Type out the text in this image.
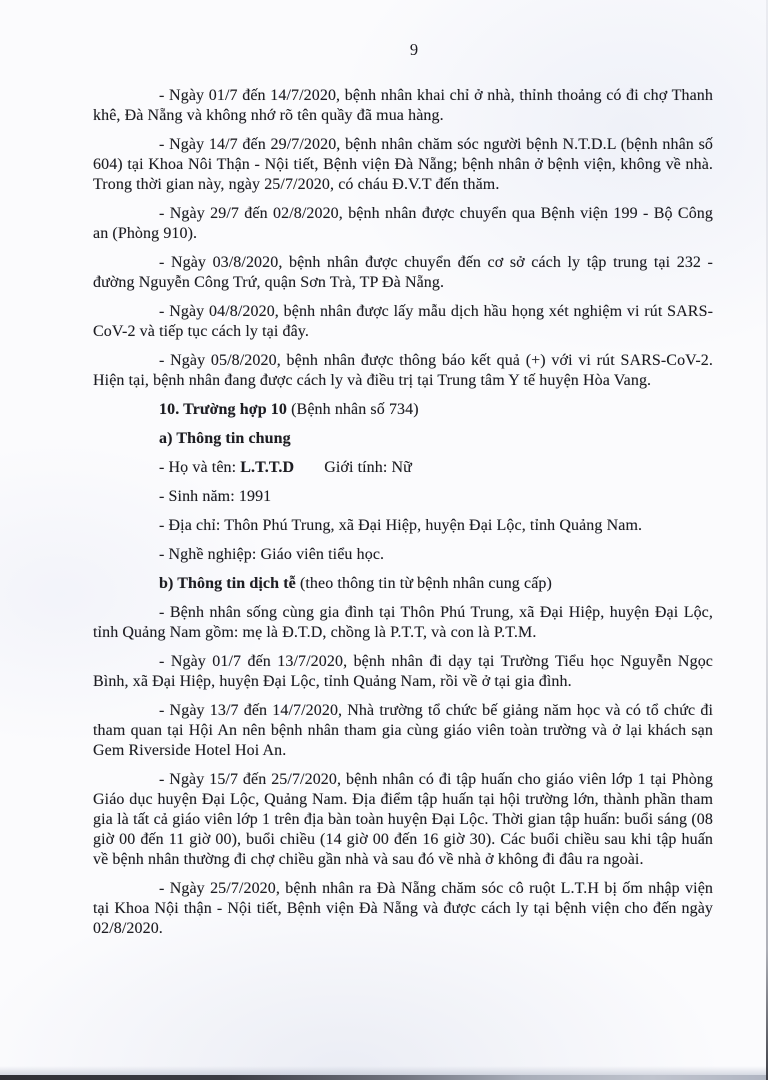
9

- Ngày 01/7 đến 14/7/2020, bệnh nhân khai chỉ ở nhà, thỉnh thoảng có đi chợ Thanh khê, Đà Nẵng và không nhớ rõ tên quầy đã mua hàng.

- Ngày 14/7 đến 29/7/2020, bệnh nhân chăm sóc người bệnh N.T.D.L (bệnh nhân số 604) tại Khoa Nôi Thận - Nội tiết, Bệnh viện Đà Nẵng; bệnh nhân ở bệnh viện, không về nhà. Trong thời gian này, ngày 25/7/2020, có cháu Đ.V.T đến thăm.

- Ngày 29/7 đến 02/8/2020, bệnh nhân được chuyển qua Bệnh viện 199 - Bộ Công an (Phòng 910).

- Ngày 03/8/2020, bệnh nhân được chuyển đến cơ sở cách ly tập trung tại 232 - đường Nguyễn Công Trứ, quận Sơn Trà, TP Đà Nẵng.

- Ngày 04/8/2020, bệnh nhân được lấy mẫu dịch hầu họng xét nghiệm vi rút SARS-CoV-2 và tiếp tục cách ly tại đây.

- Ngày 05/8/2020, bệnh nhân được thông báo kết quả (+) với vi rút SARS-CoV-2. Hiện tại, bệnh nhân đang được cách ly và điều trị tại Trung tâm Y tế huyện Hòa Vang.

10. Trường hợp 10 (Bệnh nhân số 734)

a) Thông tin chung

- Họ và tên: L.T.T.D Giới tính: Nữ

- Sinh năm: 1991

- Địa chỉ: Thôn Phú Trung, xã Đại Hiệp, huyện Đại Lộc, tỉnh Quảng Nam.

- Nghề nghiệp: Giáo viên tiểu học.

b) Thông tin dịch tễ (theo thông tin từ bệnh nhân cung cấp)

- Bệnh nhân sống cùng gia đình tại Thôn Phú Trung, xã Đại Hiệp, huyện Đại Lộc, tỉnh Quảng Nam gồm: mẹ là Đ.T.D, chồng là P.T.T, và con là P.T.M.

- Ngày 01/7 đến 13/7/2020, bệnh nhân đi dạy tại Trường Tiểu học Nguyễn Ngọc Bình, xã Đại Hiệp, huyện Đại Lộc, tỉnh Quảng Nam, rồi về ở tại gia đình.

- Ngày 13/7 đến 14/7/2020, Nhà trường tổ chức bế giảng năm học và có tổ chức đi tham quan tại Hội An nên bệnh nhân tham gia cùng giáo viên toàn trường và ở lại khách sạn Gem Riverside Hotel Hoi An.

- Ngày 15/7 đến 25/7/2020, bệnh nhân có đi tập huấn cho giáo viên lớp 1 tại Phòng Giáo dục huyện Đại Lộc, Quảng Nam. Địa điểm tập huấn tại hội trường lớn, thành phần tham gia là tất cả giáo viên lớp 1 trên địa bàn toàn huyện Đại Lộc. Thời gian tập huấn: buổi sáng (08 giờ 00 đến 11 giờ 00), buổi chiều (14 giờ 00 đến 16 giờ 30). Các buổi chiều sau khi tập huấn về bệnh nhân thường đi chợ chiều gần nhà và sau đó về nhà ở không đi đâu ra ngoài.

- Ngày 25/7/2020, bệnh nhân ra Đà Nẵng chăm sóc cô ruột L.T.H bị ốm nhập viện tại Khoa Nội thận - Nội tiết, Bệnh viện Đà Nẵng và được cách ly tại bệnh viện cho đến ngày 02/8/2020.
